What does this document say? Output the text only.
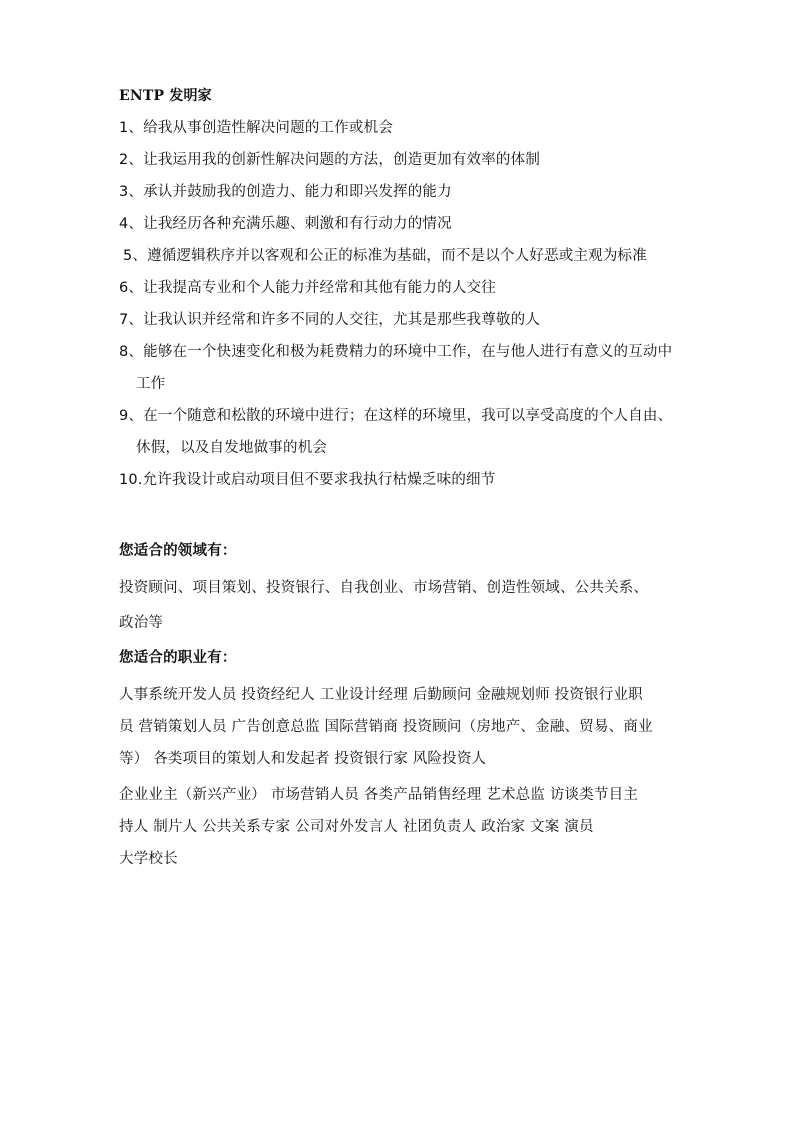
ENTP 发明家
1、给我从事创造性解决问题的工作或机会
2、让我运用我的创新性解决问题的方法，创造更加有效率的体制
3、承认并鼓励我的创造力、能力和即兴发挥的能力
4、让我经历各种充满乐趣、刺激和有行动力的情况
5、遵循逻辑秩序并以客观和公正的标准为基础，而不是以个人好恶或主观为标准
6、让我提高专业和个人能力并经常和其他有能力的人交往
7、让我认识并经常和许多不同的人交往，尤其是那些我尊敬的人
8、能够在一个快速变化和极为耗费精力的环境中工作，在与他人进行有意义的互动中
工作
9、在一个随意和松散的环境中进行；在这样的环境里，我可以享受高度的个人自由、
休假，以及自发地做事的机会
10.允许我设计或启动项目但不要求我执行枯燥乏味的细节
您适合的领域有：
投资顾问、项目策划、投资银行、自我创业、市场营销、创造性领域、公共关系、
政治等
您适合的职业有：
人事系统开发人员 投资经纪人 工业设计经理 后勤顾问 金融规划师 投资银行业职
员 营销策划人员 广告创意总监 国际营销商 投资顾问（房地产、金融、贸易、商业
等） 各类项目的策划人和发起者 投资银行家 风险投资人
企业业主（新兴产业） 市场营销人员 各类产品销售经理 艺术总监 访谈类节目主
持人 制片人 公共关系专家 公司对外发言人 社团负责人 政治家 文案 演员
大学校长
